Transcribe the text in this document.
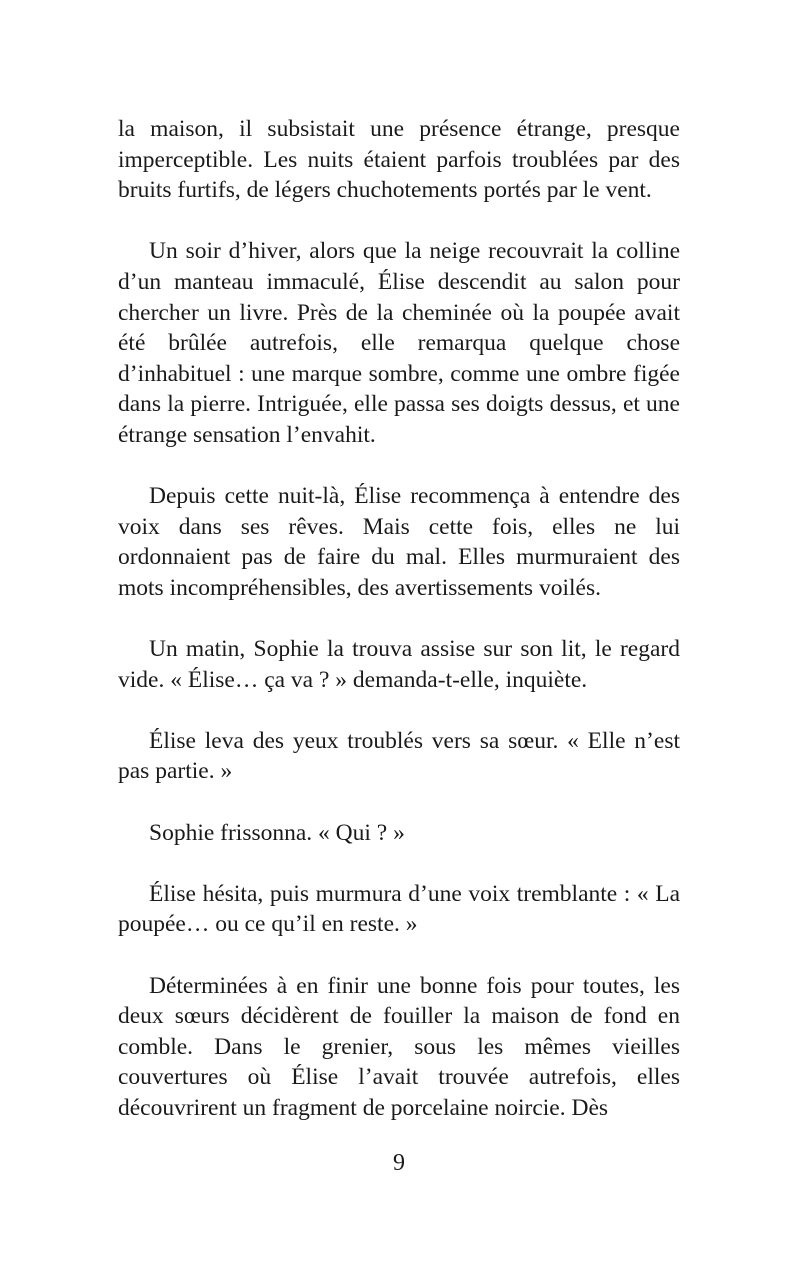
la maison, il subsistait une présence étrange, presque imperceptible. Les nuits étaient parfois troublées par des bruits furtifs, de légers chuchotements portés par le vent.

Un soir d’hiver, alors que la neige recouvrait la colline d’un manteau immaculé, Élise descendit au salon pour chercher un livre. Près de la cheminée où la poupée avait été brûlée autrefois, elle remarqua quelque chose d’inhabituel : une marque sombre, comme une ombre figée dans la pierre. Intriguée, elle passa ses doigts dessus, et une étrange sensation l’envahit.

Depuis cette nuit-là, Élise recommença à entendre des voix dans ses rêves. Mais cette fois, elles ne lui ordonnaient pas de faire du mal. Elles murmuraient des mots incompréhensibles, des avertissements voilés.

Un matin, Sophie la trouva assise sur son lit, le regard vide. « Élise… ça va ? » demanda-t-elle, inquiète.

Élise leva des yeux troublés vers sa sœur. « Elle n’est pas partie. »

Sophie frissonna. « Qui ? »

Élise hésita, puis murmura d’une voix tremblante : « La poupée… ou ce qu’il en reste. »

Déterminées à en finir une bonne fois pour toutes, les deux sœurs décidèrent de fouiller la maison de fond en comble. Dans le grenier, sous les mêmes vieilles couvertures où Élise l’avait trouvée autrefois, elles découvrirent un fragment de porcelaine noircie. Dès

9
